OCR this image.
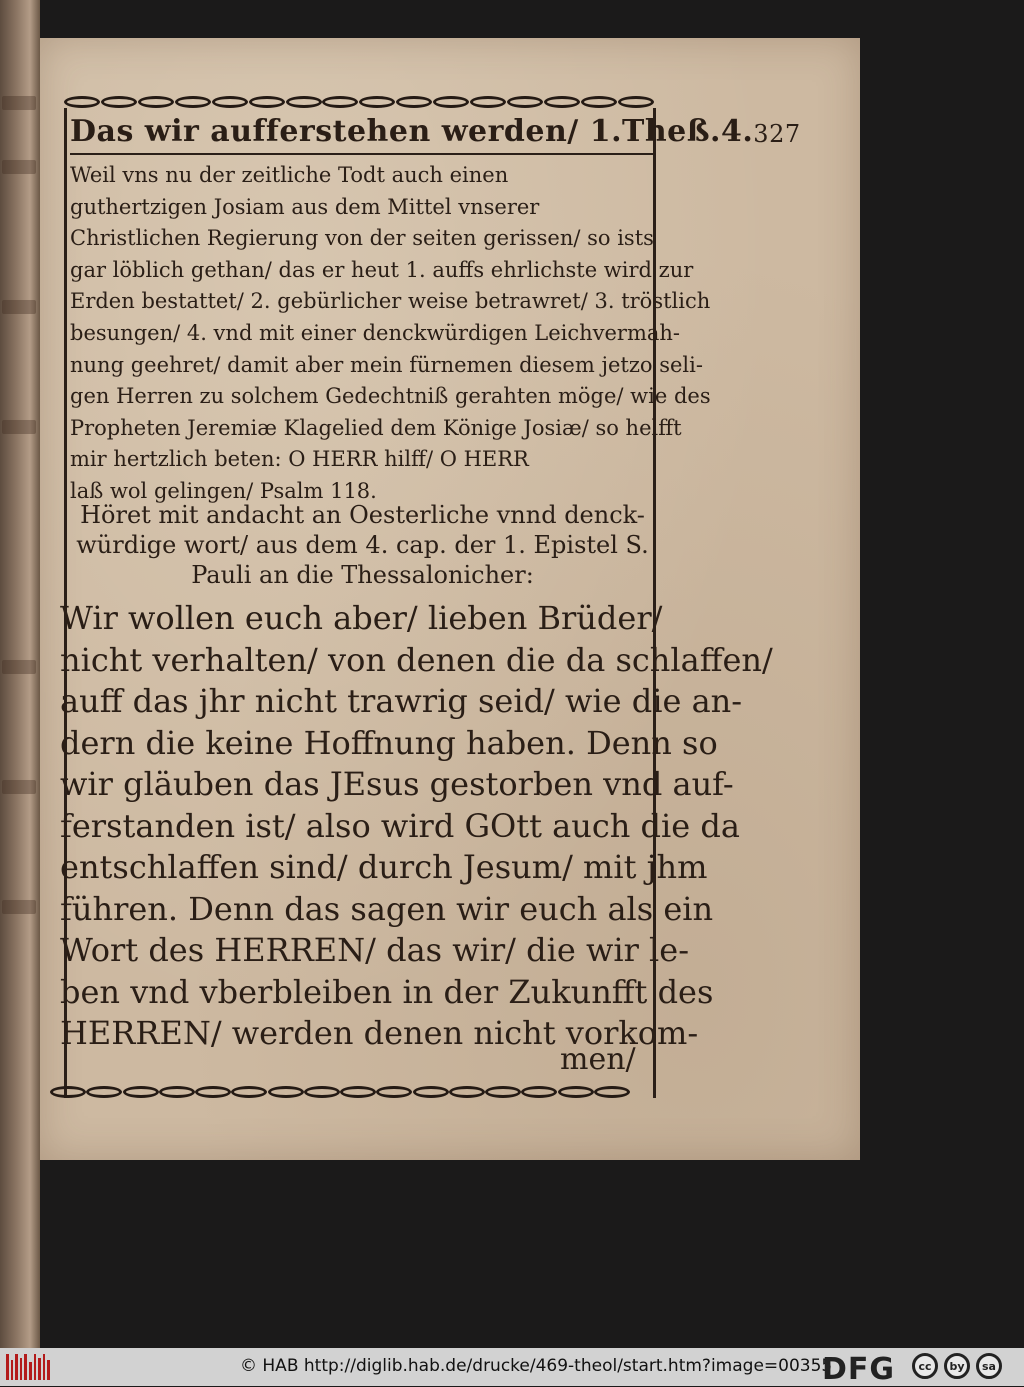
Das wir aufferstehen werden/ 1.Theß.4. 327
Weil vns nu der zeitliche Todt auch einen
guthertzigen Josiam aus dem Mittel vnserer
Christlichen Regierung von der seiten gerissen/ so ists
gar löblich gethan/ das er heut 1. auffs ehrlichste wird zur
Erden bestattet/ 2. gebürlicher weise betrawret/ 3. tröstlich
besungen/ 4. vnd mit einer denckwürdigen Leichvermah-
nung geehret/ damit aber mein fürnemen diesem jetzo seli-
gen Herren zu solchem Gedechtniß gerahten möge/ wie des
Propheten Jeremiæ Klagelied dem Könige Josiæ/ so helfft
mir hertzlich beten: O HERR hilff/ O HERR
laß wol gelingen/ Psalm 118.
Höret mit andacht an Oesterliche vnnd denck-
würdige wort/ aus dem 4. cap. der 1. Epistel S.
Pauli an die Thessalonicher:
Wir wollen euch aber/ lieben Brüder/
nicht verhalten/ von denen die da schlaffen/
auff das jhr nicht trawrig seid/ wie die an-
dern die keine Hoffnung haben. Denn so
wir gläuben das JEsus gestorben vnd auf-
ferstanden ist/ also wird GOtt auch die da
entschlaffen sind/ durch Jesum/ mit jhm
führen. Denn das sagen wir euch als ein
Wort des HERREN/ das wir/ die wir le-
ben vnd vberbleiben in der Zukunfft des
HERREN/ werden denen nicht vorkom-
men/
© HAB http://diglib.hab.de/drucke/469-theol/start.htm?image=00355
DFG	cc	by	sa
